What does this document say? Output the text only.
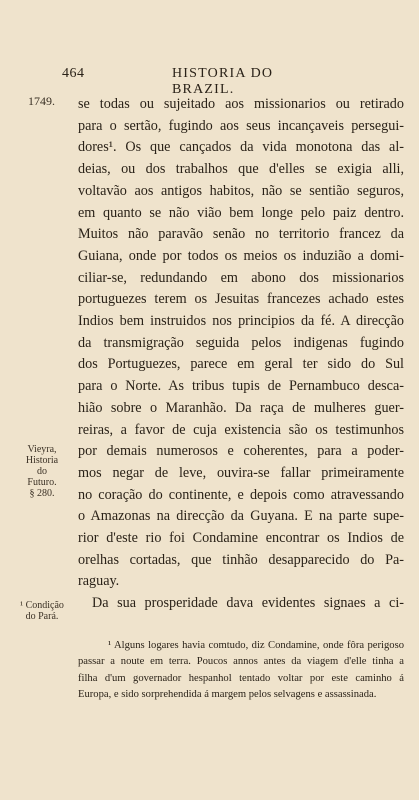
464	HISTORIA DO BRAZIL.
1749.
Vieyra,
Historia do
Futuro.
§ 280.
¹ Condição
do Pará.
se todas ou sujeitado aos missionarios ou retirado
para o sertão, fugindo aos seus incançaveis persegui-
dores¹. Os que cançados da vida monotona das al-
deias, ou dos trabalhos que d'elles se exigia alli,
voltavão aos antigos habitos, não se sentião seguros,
em quanto se não vião bem longe pelo paiz dentro.
Muitos não paravão senão no territorio francez da
Guiana, onde por todos os meios os induzião a domi-
ciliar-se, redundando em abono dos missionarios
portuguezes terem os Jesuitas francezes achado estes
Indios bem instruidos nos principios da fé. A direcção
da transmigração seguida pelos indigenas fugindo
dos Portuguezes, parece em geral ter sido do Sul
para o Norte. As tribus tupis de Pernambuco desca-
hião sobre o Maranhão. Da raça de mulheres guer-
reiras, a favor de cuja existencia são os testimunhos
por demais numerosos e coherentes, para a poder-
mos negar de leve, ouvira-se fallar primeiramente
no coração do continente, e depois como atravessando
o Amazonas na direcção da Guyana. E na parte supe-
rior d'este rio foi Condamine encontrar os Indios de
orelhas cortadas, que tinhão desapparecido do Pa-
raguay.
Da sua prosperidade dava evidentes signaes a ci-
¹ Alguns logares havia comtudo, diz Condamine, onde fôra perigoso
passar a noute em terra. Poucos annos antes da viagem d'elle tinha a
filha d'um governador hespanhol tentado voltar por este caminho á
Europa, e sido sorprehendida á margem pelos selvagens e assassinada.
